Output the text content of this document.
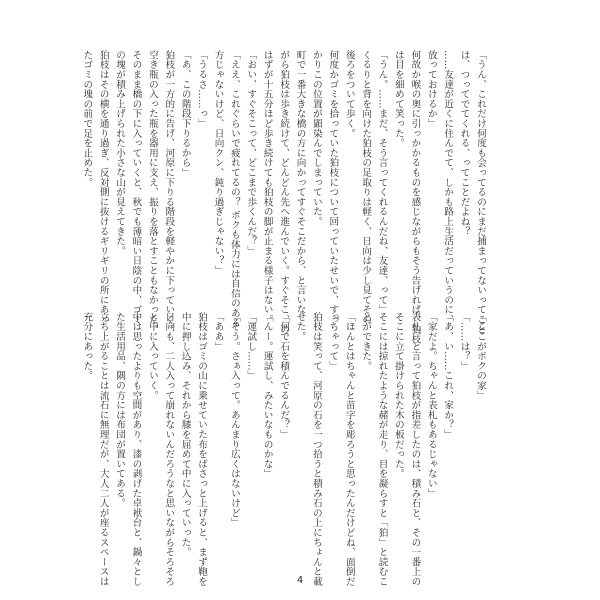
「うん、これだけ何度も会ってるのにまだ捕まってないってこと
は、つってでてくれる、ってことだよね？
……友達が近くに住んでて、しかも路上生活だっていうのに、
放っておけるか」
何故か喉の奥に引っかかるものを感じながらもそう告げれば、狛枝
は目を細めて笑った。
「うん。……まだ、そう言ってくれるんだね、友達、って」
くるりと背を向けた狛枝の足取りは軽く、日向は少し見てその
後ろをついて歩く。
何度かゴミを拾っていた狛枝について回っていたせいで、すっ
かりこの位置が顕染んでしまっていた。
町で一番大きな橋の方に向かってすぐそこだから、と言いな
がら狛枝は歩き続けて、どんどん先へ進んでいく。すぐそこ、の
はずが十五分ほど歩き続けても狛枝の脚が止まる様子はない。
「おい、すぐそこって、どこまで歩くんだ？」
「ええ、これぐらいで疲れてるの？ ボクも体力には自信のある
方じゃないけど、日向クン、鈍り過ぎじゃない？」
「うるさ……っ」
「あ、この階段下りるから」
狛枝が一方的に告げ、河原に下りる階段を軽やかに下っていく。
空き瓶の入った瓶を器用に支え、振りを落とすこともなかった。
そのまま橋の下に入っていくと、秋でも薄暗い日陰の中、ゴミ
の塊が積み上げられた小さな山が見えてきた。
狛枝はその横を通り過ぎ、反対側に抜けるギリギリの所にあっ
たゴミの塊の前で足を止めた。
「ここがボクの家」
「……は？」
「あ、い……これ、家か？」
「家だよ。ちゃんと表札もあるじゃない」
表札、と言って狛枝が指差したのは、積み石と、その一番上の
そこに立て掛けられた木の板だった。
そこには掠れたような赭が走り、目を凝らすと「狛」と読むこ
とができた。
「ほんとはちゃんと苗字を彫ろうと思ったんだけどね、面倒だ
っちゃって」
狛枝は笑って、河原の石を一つ拾うと積み石の上にちょんと載
せた。
「何で石を積んでるんだ？」
「んー。運試し、みたいなものかな」
「運試し……」
「そう。さぁ入って。あんまり広くはないけど」
「ああ」
狛枝はゴミの山に乗せていた布をばさっと上げると、まず鞄を
中に押し込み、それから膝を屈めて中に入っていった。
日向も、二人入って崩れないんだろうなと思いながらそろそろ
と中に入っていく。
中は思ったよりも空間があり、漆の剥げた卓袱台と、鍋々とし
た生活用品、隅の方には布団が置いてある。
立ち上がることは流石に無理だが、大人二人が座るスペースは
充分にあった。
4
